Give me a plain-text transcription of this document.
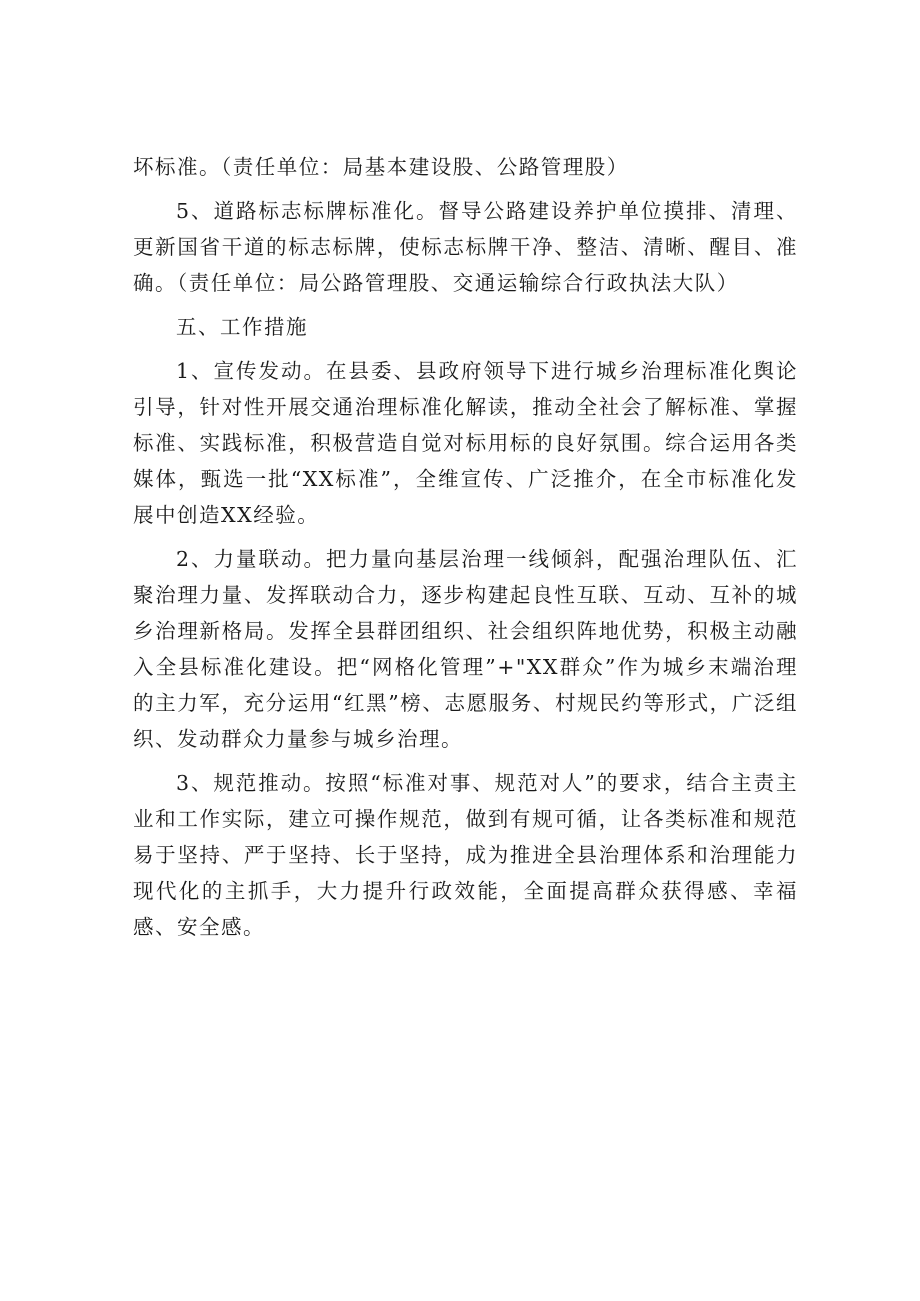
坏标准。（责任单位：局基本建设股、公路管理股）

5、道路标志标牌标准化。督导公路建设养护单位摸排、清理、更新国省干道的标志标牌，使标志标牌干净、整洁、清晰、醒目、准确。（责任单位：局公路管理股、交通运输综合行政执法大队）

五、工作措施

1、宣传发动。在县委、县政府领导下进行城乡治理标准化舆论引导，针对性开展交通治理标准化解读，推动全社会了解标准、掌握标准、实践标准，积极营造自觉对标用标的良好氛围。综合运用各类媒体，甄选一批“XX标准”，全维宣传、广泛推介，在全市标准化发展中创造XX经验。

2、力量联动。把力量向基层治理一线倾斜，配强治理队伍、汇聚治理力量、发挥联动合力，逐步构建起良性互联、互动、互补的城乡治理新格局。发挥全县群团组织、社会组织阵地优势，积极主动融入全县标准化建设。把“网格化管理”+"XX群众”作为城乡末端治理的主力军，充分运用“红黑”榜、志愿服务、村规民约等形式，广泛组织、发动群众力量参与城乡治理。

3、规范推动。按照“标准对事、规范对人”的要求，结合主责主业和工作实际，建立可操作规范，做到有规可循，让各类标准和规范易于坚持、严于坚持、长于坚持，成为推进全县治理体系和治理能力现代化的主抓手，大力提升行政效能，全面提高群众获得感、幸福感、安全感。
